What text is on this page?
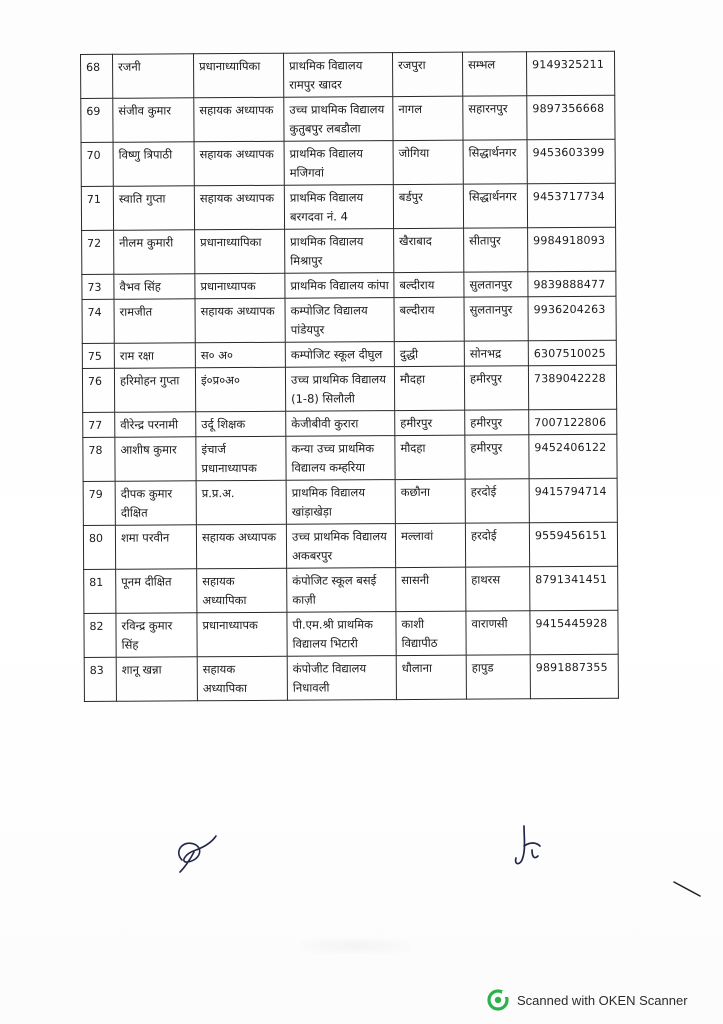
68	रजनी	प्रधानाध्यापिका	प्राथमिक विद्यालय रामपुर खादर	रजपुरा	सम्भल	9149325211
69	संजीव कुमार	सहायक अध्यापक	उच्च प्राथमिक विद्यालय कुतुबपुर लबडौला	नागल	सहारनपुर	9897356668
70	विष्णु त्रिपाठी	सहायक अध्यापक	प्राथमिक विद्यालय मजिगवां	जोगिया	सिद्धार्थनगर	9453603399
71	स्वाति गुप्ता	सहायक अध्यापक	प्राथमिक विद्यालय बरगदवा नं. 4	बर्डपुर	सिद्धार्थनगर	9453717734
72	नीलम कुमारी	प्रधानाध्यापिका	प्राथमिक विद्यालय मिश्रापुर	खैराबाद	सीतापुर	9984918093
73	वैभव सिंह	प्रधानाध्यापक	प्राथमिक विद्यालय कांपा	बल्दीराय	सुलतानपुर	9839888477
74	रामजीत	सहायक अध्यापक	कम्पोजिट विद्यालय पांडेयपुर	बल्दीराय	सुलतानपुर	9936204263
75	राम रक्षा	स० अ०	कम्पोजिट स्कूल दीघुल	दुद्धी	सोनभद्र	6307510025
76	हरिमोहन गुप्ता	इं०प्र०अ०	उच्च प्राथमिक विद्यालय (1-8) सिलौली	मौदहा	हमीरपुर	7389042228
77	वीरेन्द्र परनामी	उर्दू शिक्षक	केजीबीवी कुरारा	हमीरपुर	हमीरपुर	7007122806
78	आशीष कुमार	इंचार्ज प्रधानाध्यापक	कन्या उच्च प्राथमिक विद्यालय कम्हरिया	मौदहा	हमीरपुर	9452406122
79	दीपक कुमार दीक्षित	प्र.प्र.अ.	प्राथमिक विद्यालय खांड़ाखेड़ा	कछौना	हरदोई	9415794714
80	शमा परवीन	सहायक अध्यापक	उच्च प्राथमिक विद्यालय अकबरपुर	मल्लावां	हरदोई	9559456151
81	पूनम दीक्षित	सहायक अध्यापिका	कंपोजिट स्कूल बसई काज़ी	सासनी	हाथरस	8791341451
82	रविन्द्र कुमार सिंह	प्रधानाध्यापक	पी.एम.श्री प्राथमिक विद्यालय भिटारी	काशी विद्यापीठ	वाराणसी	9415445928
83	शानू खन्ना	सहायक अध्यापिका	कंपोजीट विद्यालय निधावली	धौलाना	हापुड	9891887355
Scanned with OKEN Scanner
